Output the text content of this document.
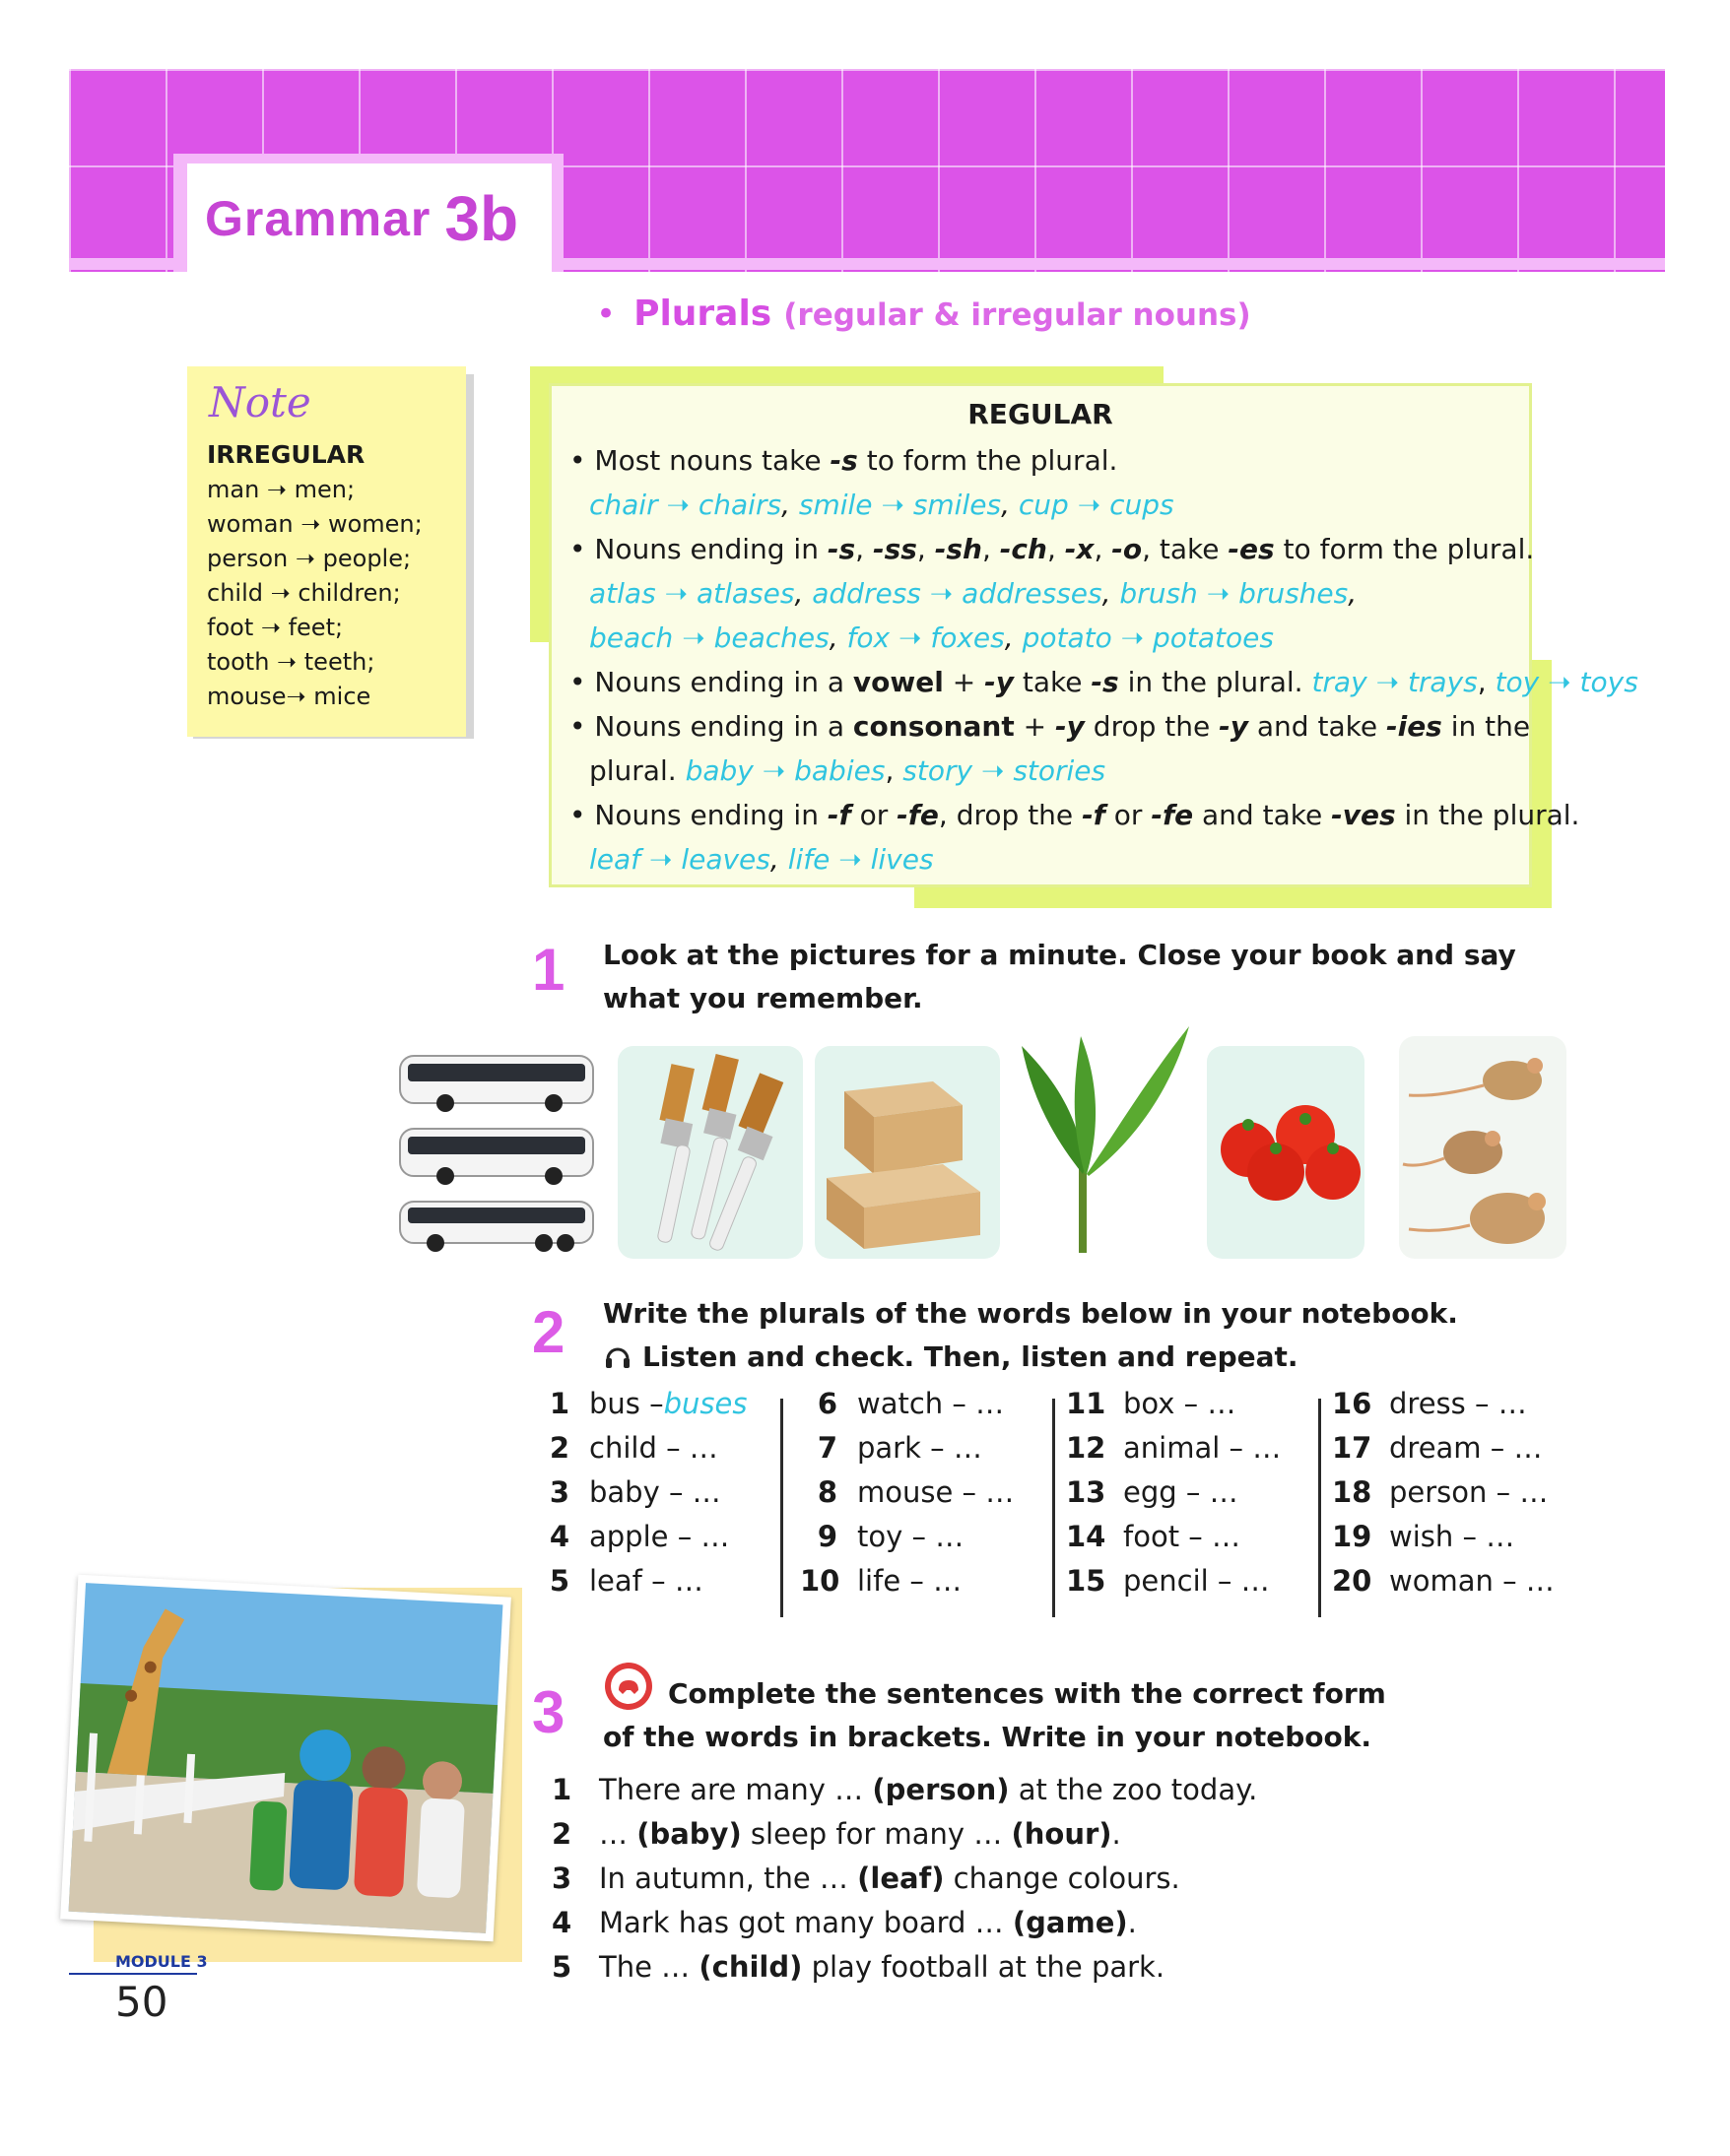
Grammar 3b
• Plurals (regular & irregular nouns)
Note
IRREGULAR
man ➝ men;
woman ➝ women;
person ➝ people;
child ➝ children;
foot ➝ feet;
tooth ➝ teeth;
mouse➝ mice
REGULAR
• Most nouns take -s to form the plural.
chair ➝ chairs, smile ➝ smiles, cup ➝ cups
• Nouns ending in -s, -ss, -sh, -ch, -x, -o, take -es to form the plural.
atlas ➝ atlases, address ➝ addresses, brush ➝ brushes,
beach ➝ beaches, fox ➝ foxes, potato ➝ potatoes
• Nouns ending in a vowel + -y take -s in the plural. tray ➝ trays, toy ➝ toys
• Nouns ending in a consonant + -y drop the -y and take -ies in the
plural. baby ➝ babies, story ➝ stories
• Nouns ending in -f or -fe, drop the -f or -fe and take -ves in the plural.
leaf ➝ leaves, life ➝ lives
1 Look at the pictures for a minute. Close your book and say
what you remember.
2 Write the plurals of the words below in your notebook.
Listen and check. Then, listen and repeat.
1 bus – buses
2 child – …
3 baby – …
4 apple – …
5 leaf – …
6 watch – …
7 park – …
8 mouse – …
9 toy – …
10 life – …
11 box – …
12 animal – …
13 egg – …
14 foot – …
15 pencil – …
16 dress – …
17 dream – …
18 person – …
19 wish – …
20 woman – …
3	Complete the sentences with the correct form
of the words in brackets. Write in your notebook.
1 There are many … (person) at the zoo today.
2 … (baby) sleep for many … (hour).
3 In autumn, the … (leaf) change colours.
4 Mark has got many board … (game).
5 The … (child) play football at the park.
MODULE 3
50
